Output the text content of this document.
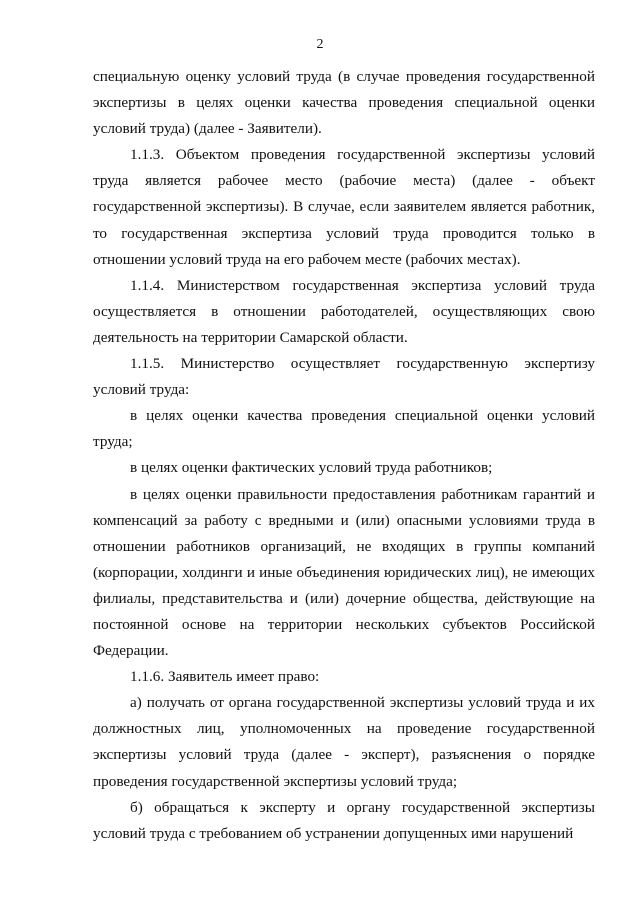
2

специальную оценку условий труда (в случае проведения государственной экспертизы в целях оценки качества проведения специальной оценки условий труда) (далее - Заявители).

1.1.3. Объектом проведения государственной экспертизы условий труда является рабочее место (рабочие места) (далее - объект государственной экспертизы). В случае, если заявителем является работник, то государственная экспертиза условий труда проводится только в отношении условий труда на его рабочем месте (рабочих местах).

1.1.4. Министерством государственная экспертиза условий труда осуществляется в отношении работодателей, осуществляющих свою деятельность на территории Самарской области.

1.1.5. Министерство осуществляет государственную экспертизу условий труда:

в целях оценки качества проведения специальной оценки условий труда;

в целях оценки фактических условий труда работников;

в целях оценки правильности предоставления работникам гарантий и компенсаций за работу с вредными и (или) опасными условиями труда в отношении работников организаций, не входящих в группы компаний (корпорации, холдинги и иные объединения юридических лиц), не имеющих филиалы, представительства и (или) дочерние общества, действующие на постоянной основе на территории нескольких субъектов Российской Федерации.

1.1.6. Заявитель имеет право:

а) получать от органа государственной экспертизы условий труда и их должностных лиц, уполномоченных на проведение государственной экспертизы условий труда (далее - эксперт), разъяснения о порядке проведения государственной экспертизы условий труда;

б) обращаться к эксперту и органу государственной экспертизы условий труда с требованием об устранении допущенных ими нарушений
